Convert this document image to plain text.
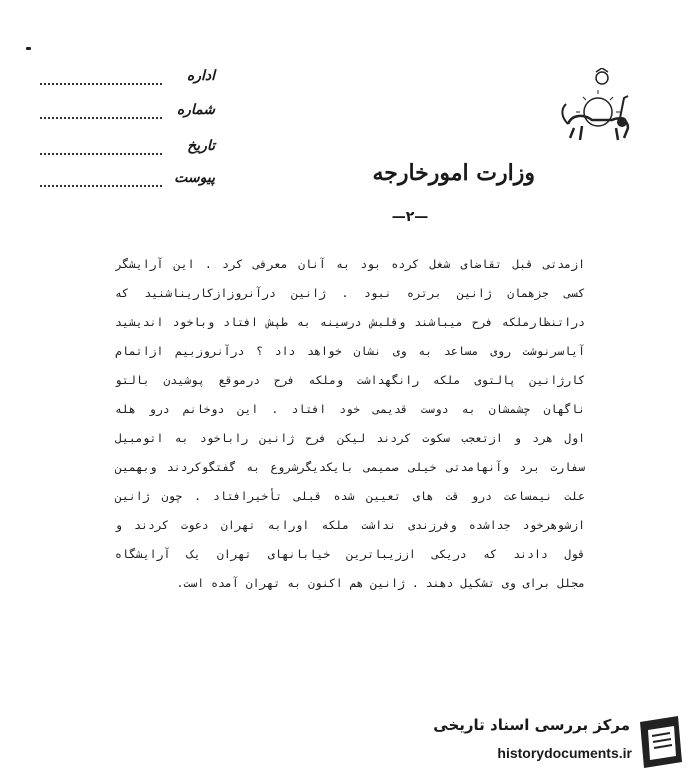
وزارت امورخارجه
اداره
شماره
تاریخ
پیوست
—۲—
ازمدتی قبل تقاضای شغل کرده بود به آنان معرفی کرد . این آرایشگر
کسی جزهمان ژانین برتره نبود . ژانین درآنروزازکاریناشنید که
دراتنظارملکه فرح میباشند وقلبش درسینه به طپش افتاد وباخود اندیشید
آیاسرنوشت روی مساعد به وی نشان خواهد داد ؟ درآنروزبیم ازاتمام
کارژانین پالتوی ملکه رانگهداشت وملکه فرح درموقع پوشیدن بالتو
ناگهان چشمشان به دوست قدیمی خود افتاد . این دوخانم درو هله
اول هرد و ازتعجب سکوت کردند لیکن فرح ژانین راباخود به اتومبیل
سفارت برد وآنهامدتی خیلی صمیمی بایکدیگرشروع به گفتگوکردند وبهمین
علت نیمساعت درو قت های تعیین شده قبلی تأخیرافتاد . چون ژانین
ازشوهرخود جداشده وفرزندی نداشت ملکه اورابه تهران دعوت کردند و
قول دادند که دریکی اززیباترین خیابانهای تهران یک آرایشگاه
مجلل برای وی تشکیل دهند . ژانین هم اکنون به تهران آمده است.
مرکز بررسی اسناد تاریخی
historydocuments.ir
